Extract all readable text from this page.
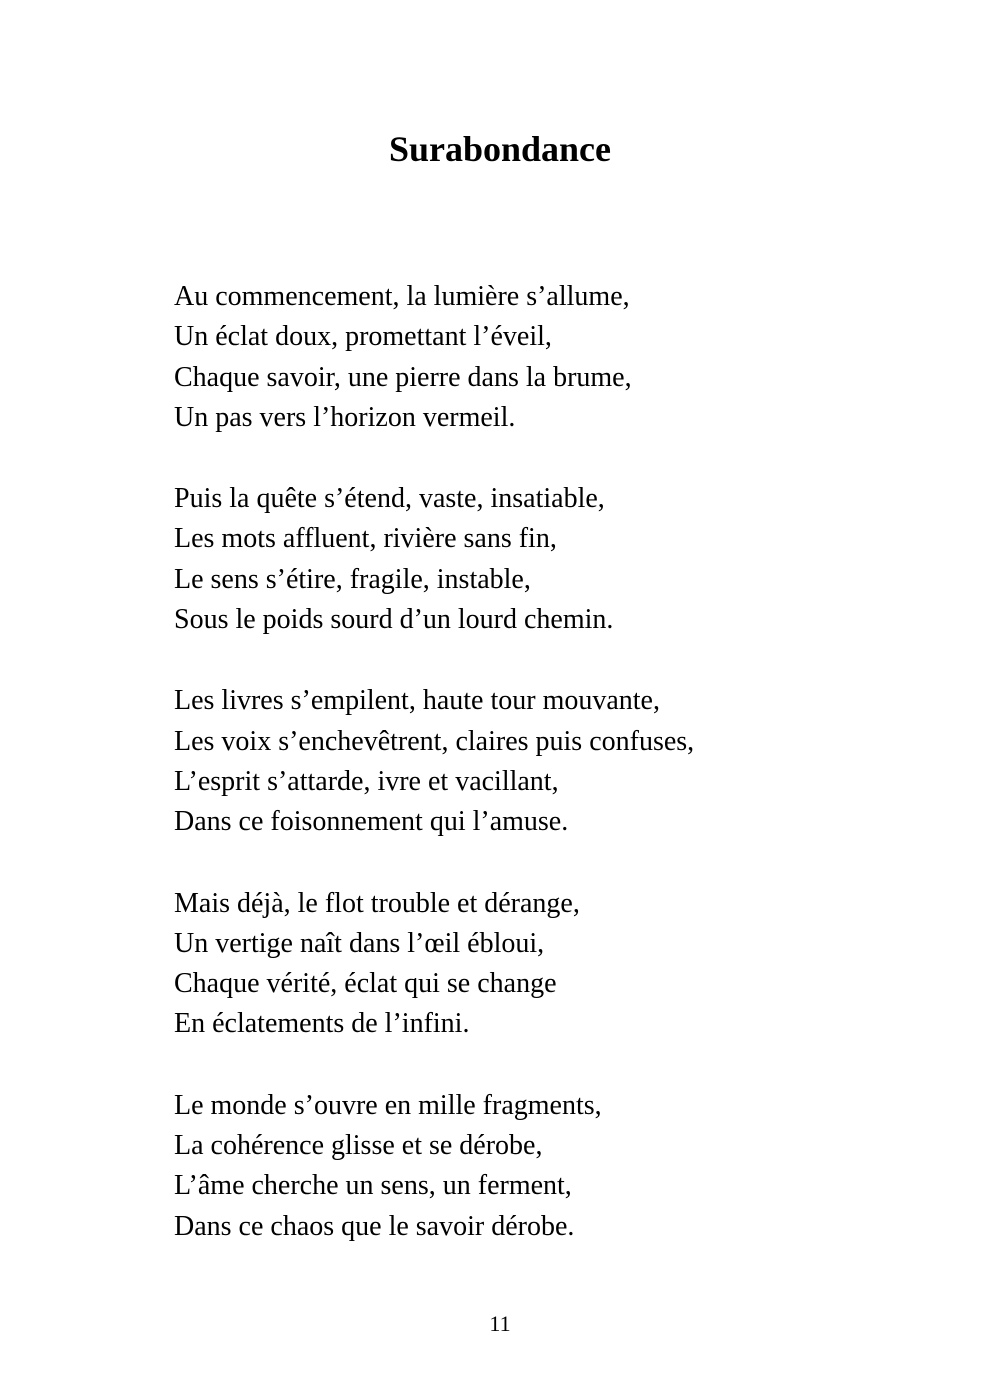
Surabondance
Au commencement, la lumière s’allume,
Un éclat doux, promettant l’éveil,
Chaque savoir, une pierre dans la brume,
Un pas vers l’horizon vermeil.
Puis la quête s’étend, vaste, insatiable,
Les mots affluent, rivière sans fin,
Le sens s’étire, fragile, instable,
Sous le poids sourd d’un lourd chemin.
Les livres s’empilent, haute tour mouvante,
Les voix s’enchevêtrent, claires puis confuses,
L’esprit s’attarde, ivre et vacillant,
Dans ce foisonnement qui l’amuse.
Mais déjà, le flot trouble et dérange,
Un vertige naît dans l’œil ébloui,
Chaque vérité, éclat qui se change
En éclatements de l’infini.
Le monde s’ouvre en mille fragments,
La cohérence glisse et se dérobe,
L’âme cherche un sens, un ferment,
Dans ce chaos que le savoir dérobe.
11
